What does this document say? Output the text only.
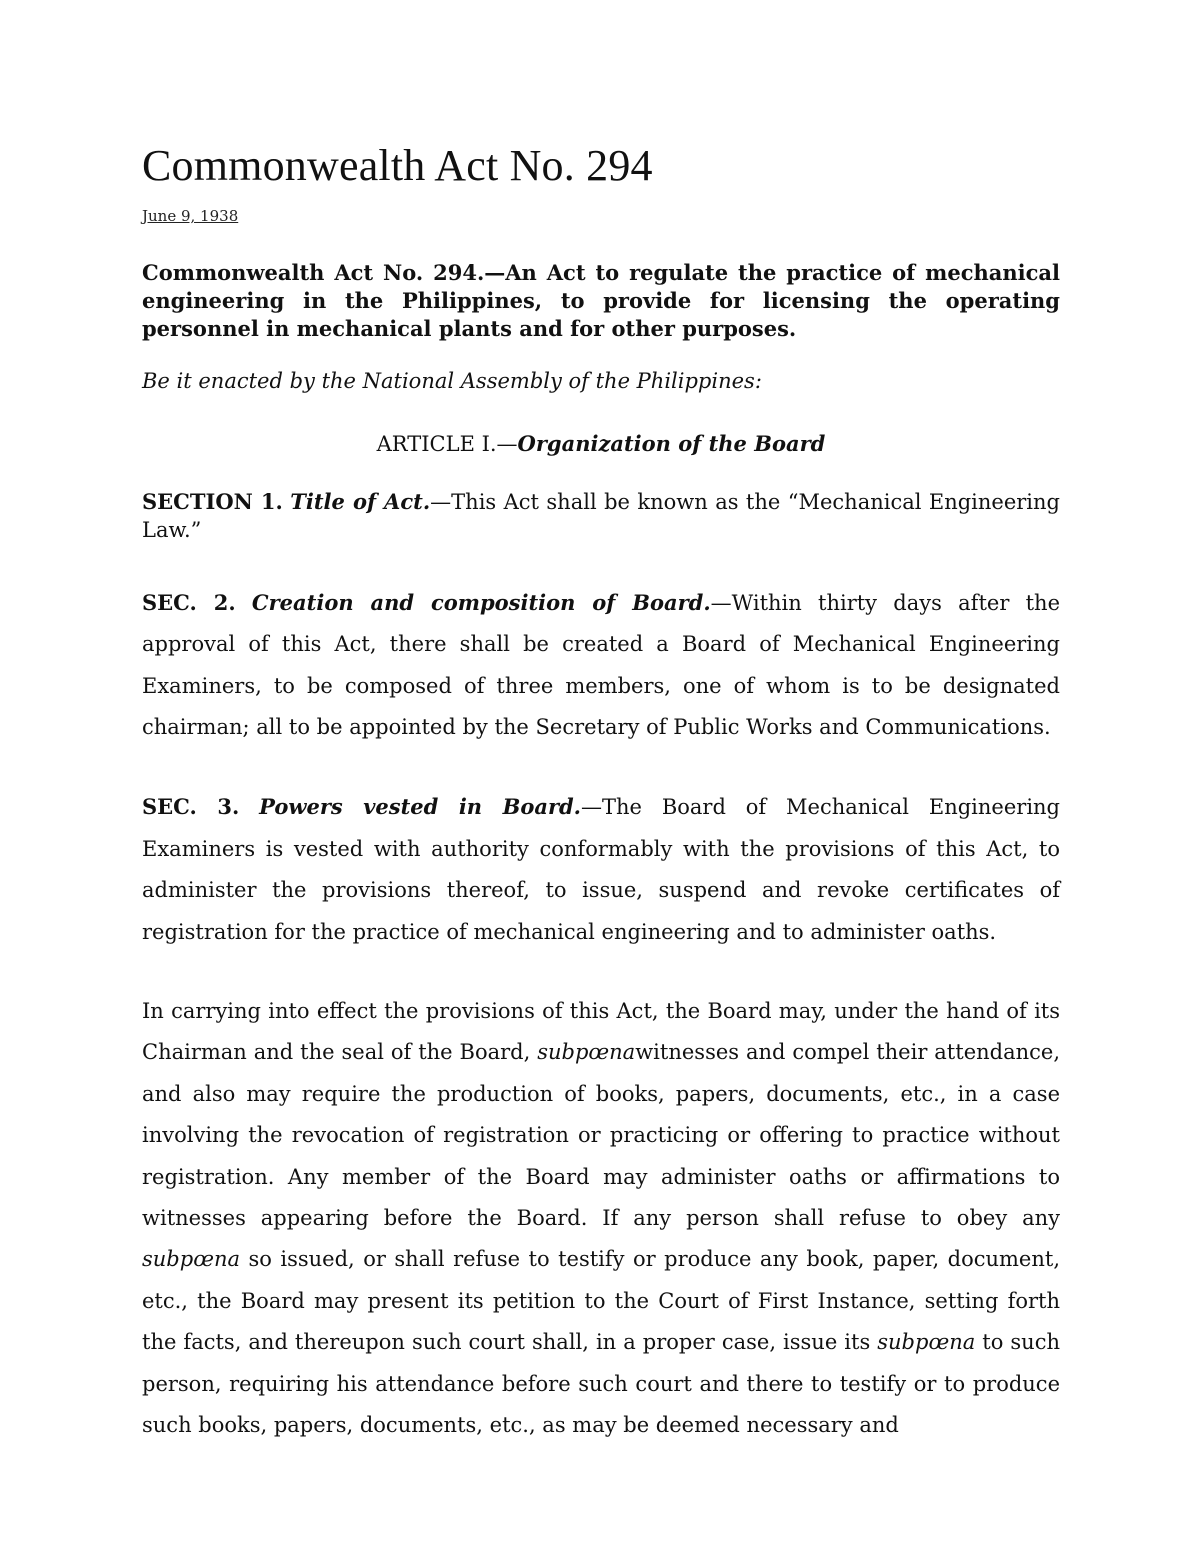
Commonwealth Act No. 294
June 9, 1938
Commonwealth Act No. 294.—An Act to regulate the practice of mechanical engineering in the Philippines, to provide for licensing the operating personnel in mechanical plants and for other purposes.
Be it enacted by the National Assembly of the Philippines:
ARTICLE I.—Organization of the Board
SECTION 1. Title of Act.—This Act shall be known as the “Mechanical Engineering Law.”
SEC. 2. Creation and composition of Board.—Within thirty days after the approval of this Act, there shall be created a Board of Mechanical Engineering Examiners, to be composed of three members, one of whom is to be designated chairman; all to be appointed by the Secretary of Public Works and Communications.
SEC. 3. Powers vested in Board.—The Board of Mechanical Engineering Examiners is vested with authority conformably with the provisions of this Act, to administer the provisions thereof, to issue, suspend and revoke certificates of registration for the practice of mechanical engineering and to administer oaths.
In carrying into effect the provisions of this Act, the Board may, under the hand of its Chairman and the seal of the Board, subpœnawitnesses and compel their attendance, and also may require the production of books, papers, documents, etc., in a case involving the revocation of registration or practicing or offering to practice without registration. Any member of the Board may administer oaths or affirmations to witnesses appearing before the Board. If any person shall refuse to obey any subpœna so issued, or shall refuse to testify or produce any book, paper, document, etc., the Board may present its petition to the Court of First Instance, setting forth the facts, and thereupon such court shall, in a proper case, issue its subpœna to such person, requiring his attendance before such court and there to testify or to produce such books, papers, documents, etc., as may be deemed necessary and
